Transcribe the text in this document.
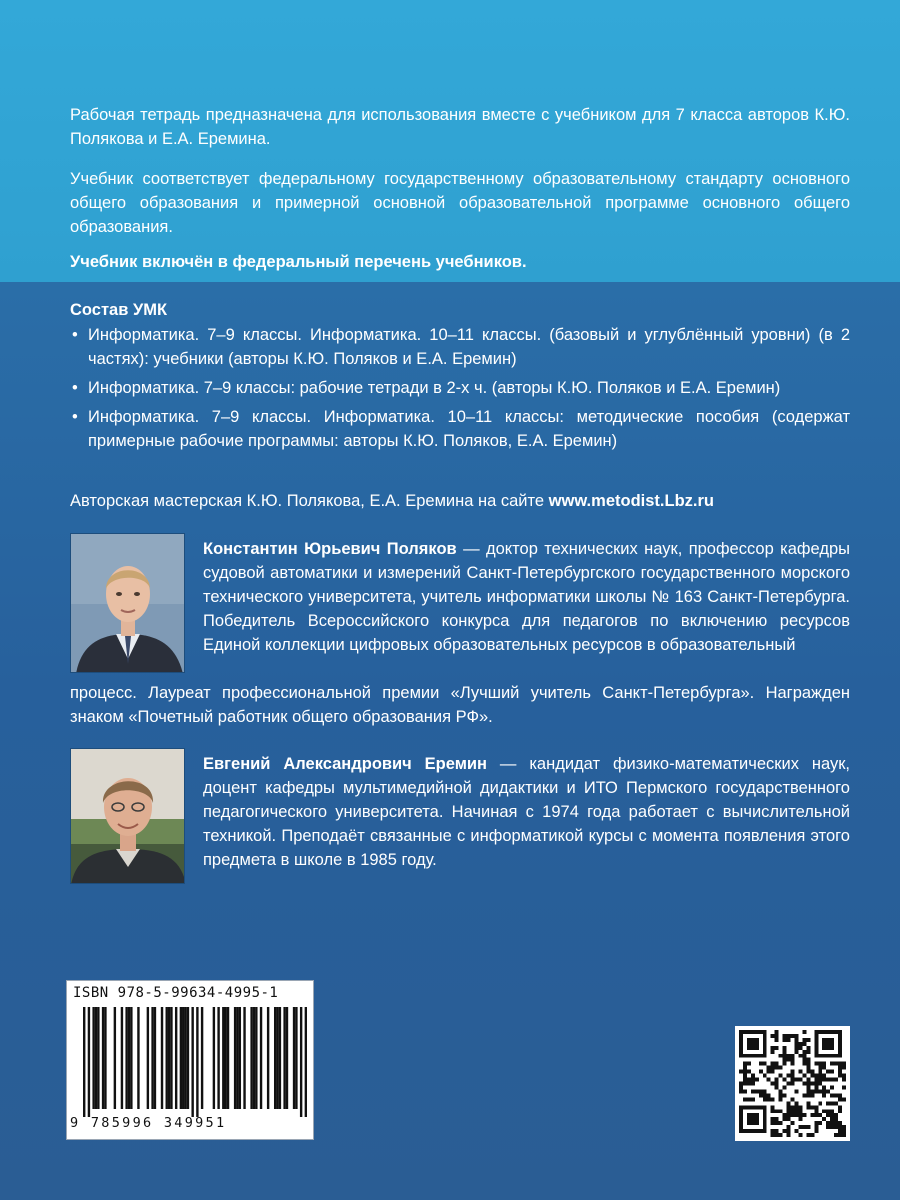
Рабочая тетрадь предназначена для использования вместе с учебником для 7 класса авторов К.Ю. Полякова и Е.А. Еремина.

Учебник соответствует федеральному государственному образовательному стандарту основного общего образования и примерной основной образовательной программе основного общего образования.

Учебник включён в федеральный перечень учебников.

Состав УМК

• Информатика. 7–9 классы. Информатика. 10–11 классы. (базовый и углублённый уровни) (в 2 частях): учебники (авторы К.Ю. Поляков и Е.А. Еремин)
• Информатика. 7–9 классы: рабочие тетради в 2-х ч. (авторы К.Ю. Поляков и Е.А. Еремин)
• Информатика. 7–9 классы. Информатика. 10–11 классы: методические пособия (содержат примерные рабочие программы: авторы К.Ю. Поляков, Е.А. Еремин)

Авторская мастерская К.Ю. Полякова, Е.А. Еремина на сайте www.metodist.Lbz.ru

Константин Юрьевич Поляков — доктор технических наук, профессор кафедры судовой автоматики и измерений Санкт-Петербургского государственного морского технического университета, учитель информатики школы № 163 Санкт-Петербурга. Победитель Всероссийского конкурса для педагогов по включению ресурсов Единой коллекции цифровых образовательных ресурсов в образовательный
процесс. Лауреат профессиональной премии «Лучший учитель Санкт-Петербурга». Награжден знаком «Почетный работник общего образования РФ».
Евгений Александрович Еремин — кандидат физико-математических наук, доцент кафедры мультимедийной дидактики и ИТО Пермского государственного педагогического университета. Начиная с 1974 года работает с вычислительной техникой. Преподаёт связанные с информатикой курсы с момента появления этого предмета в школе в 1985 году.
ISBN 978-5-99634-4995-1
9 785996 349951
